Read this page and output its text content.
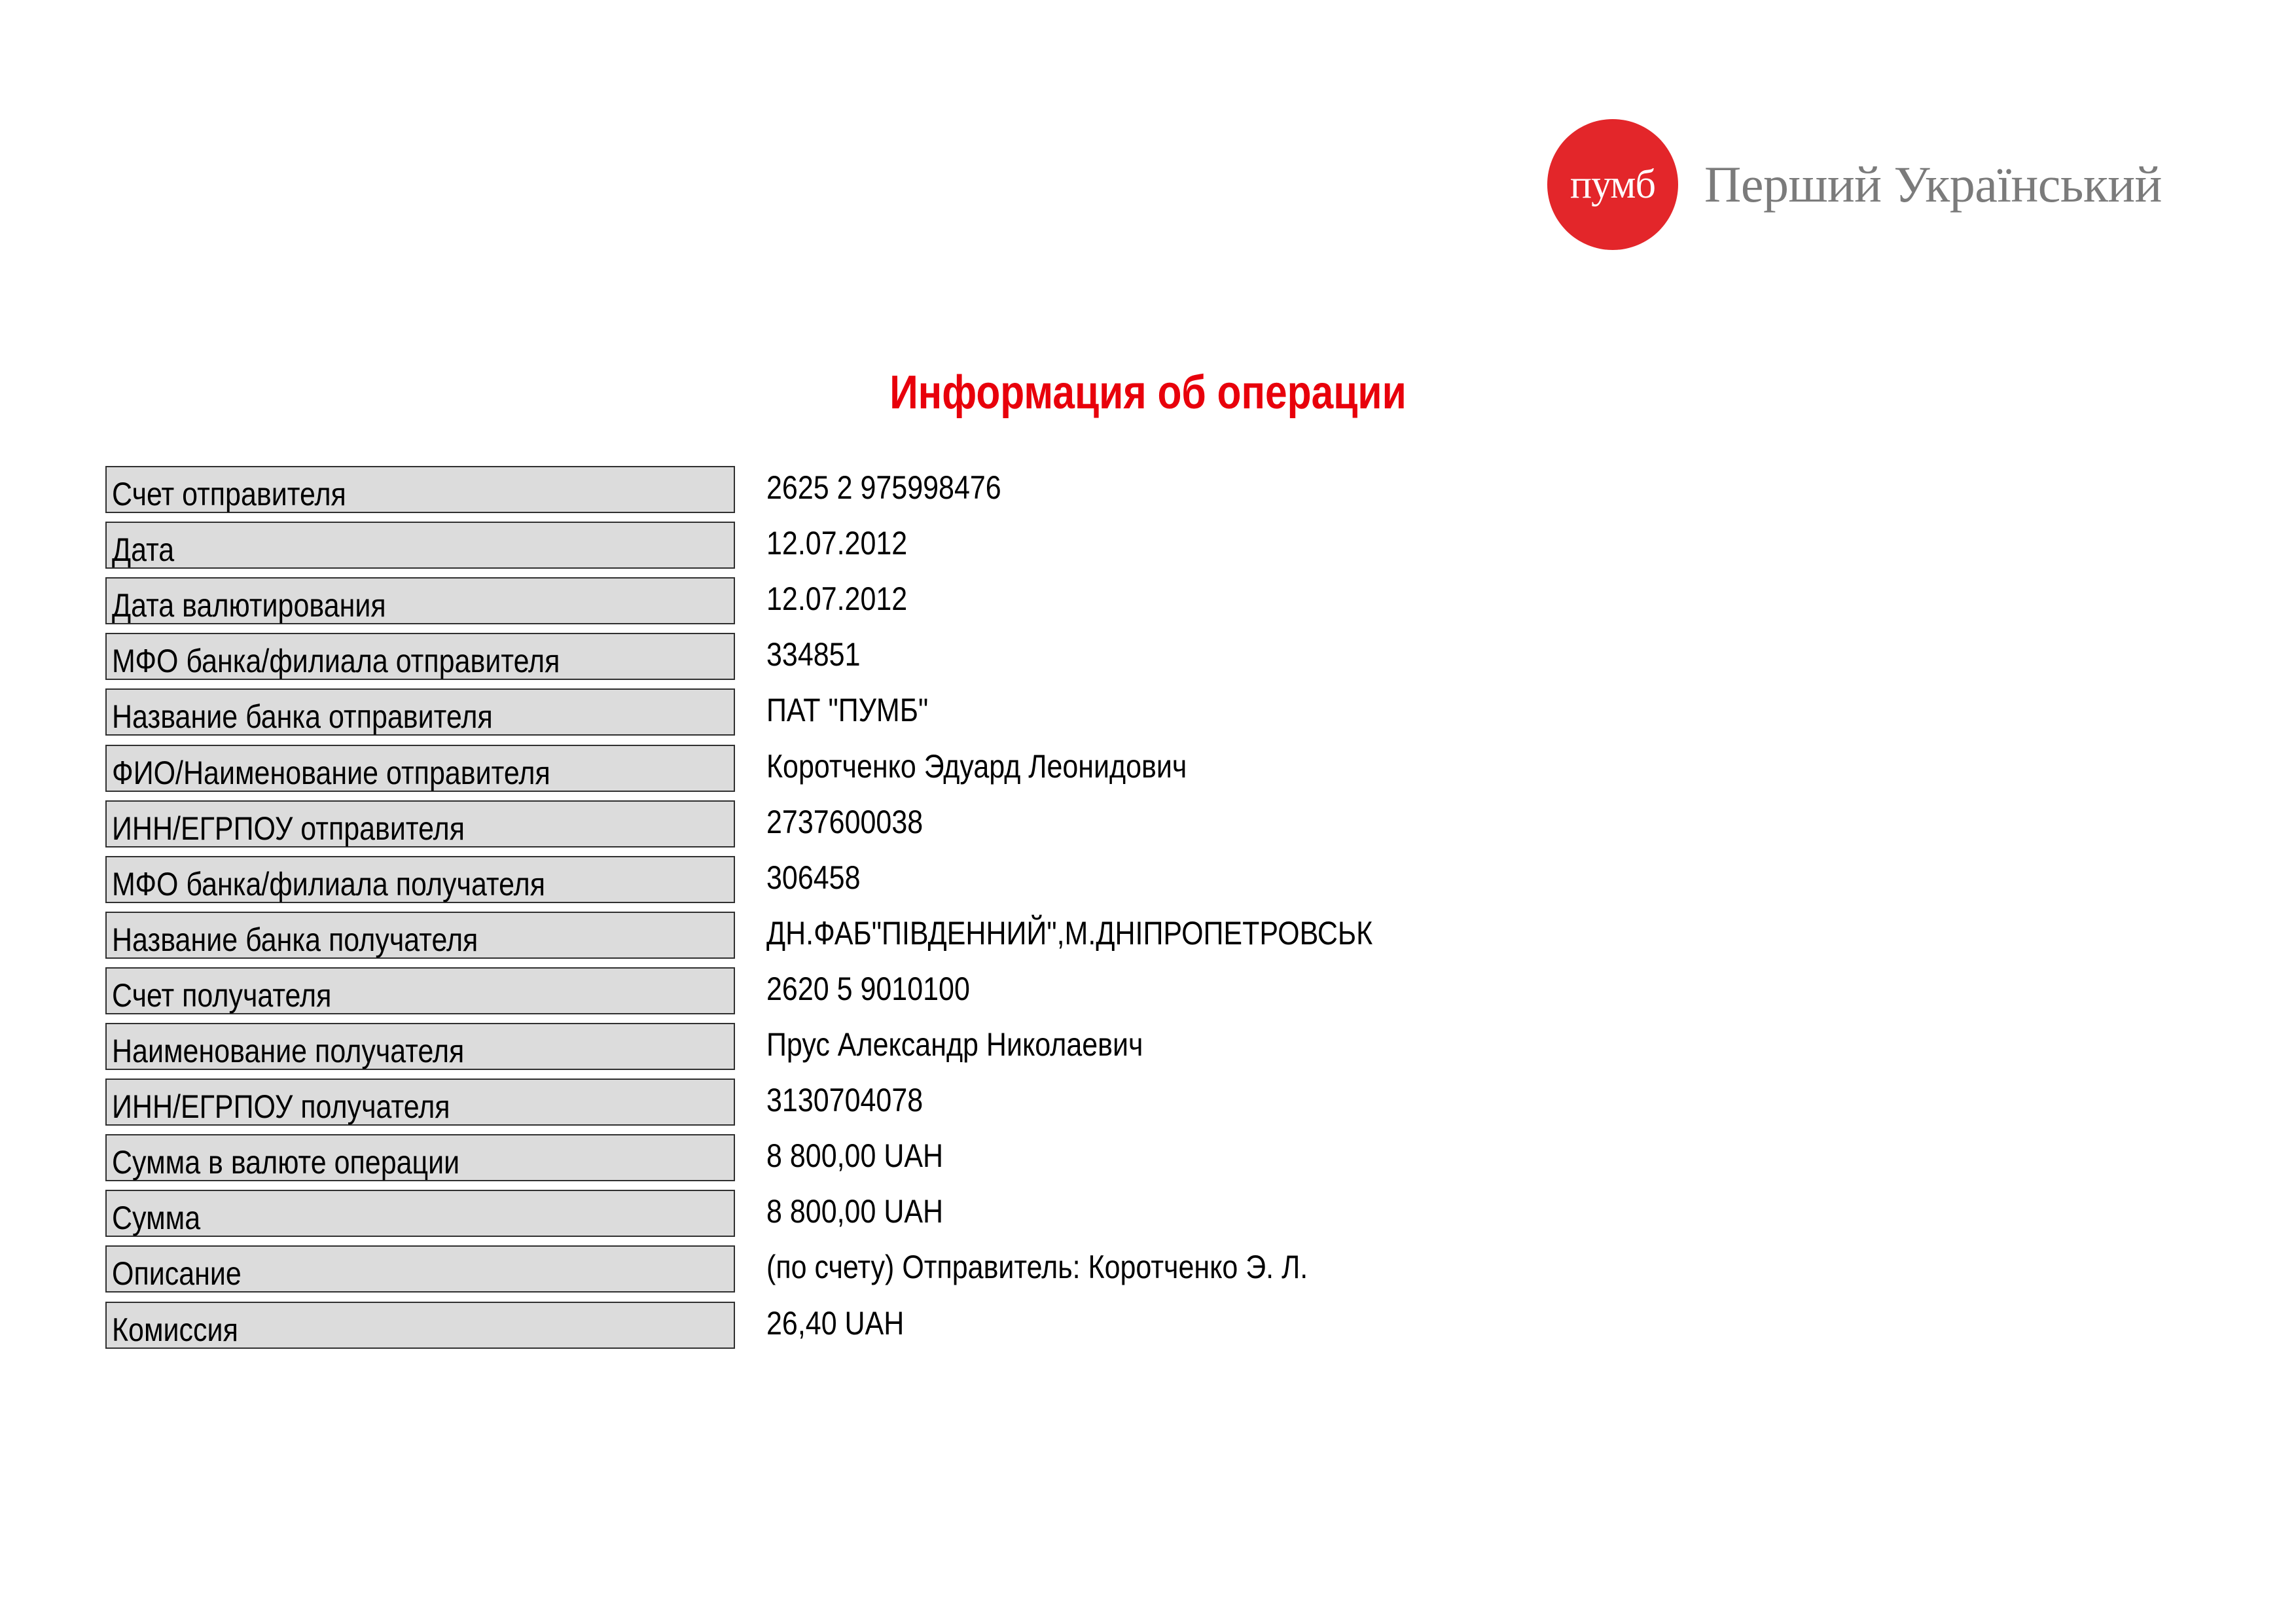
пумб Перший Український
Информация об операции
Счет отправителя	2625 2 975998476
Дата	12.07.2012
Дата валютирования	12.07.2012
МФО банка/филиала отправителя	334851
Название банка отправителя	ПАТ "ПУМБ"
ФИО/Наименование отправителя	Коротченко Эдуард Леонидович
ИНН/ЕГРПОУ отправителя	2737600038
МФО банка/филиала получателя	306458
Название банка получателя	ДН.ФАБ"ПІВДЕННИЙ",М.ДНІПРОПЕТРОВСЬК
Счет получателя	2620 5 9010100
Наименование получателя	Прус Александр Николаевич
ИНН/ЕГРПОУ получателя	3130704078
Сумма в валюте операции	8 800,00 UAH
Сумма	8 800,00 UAH
Описание	(по счету) Отправитель: Коротченко Э. Л.
Комиссия	26,40 UAH
